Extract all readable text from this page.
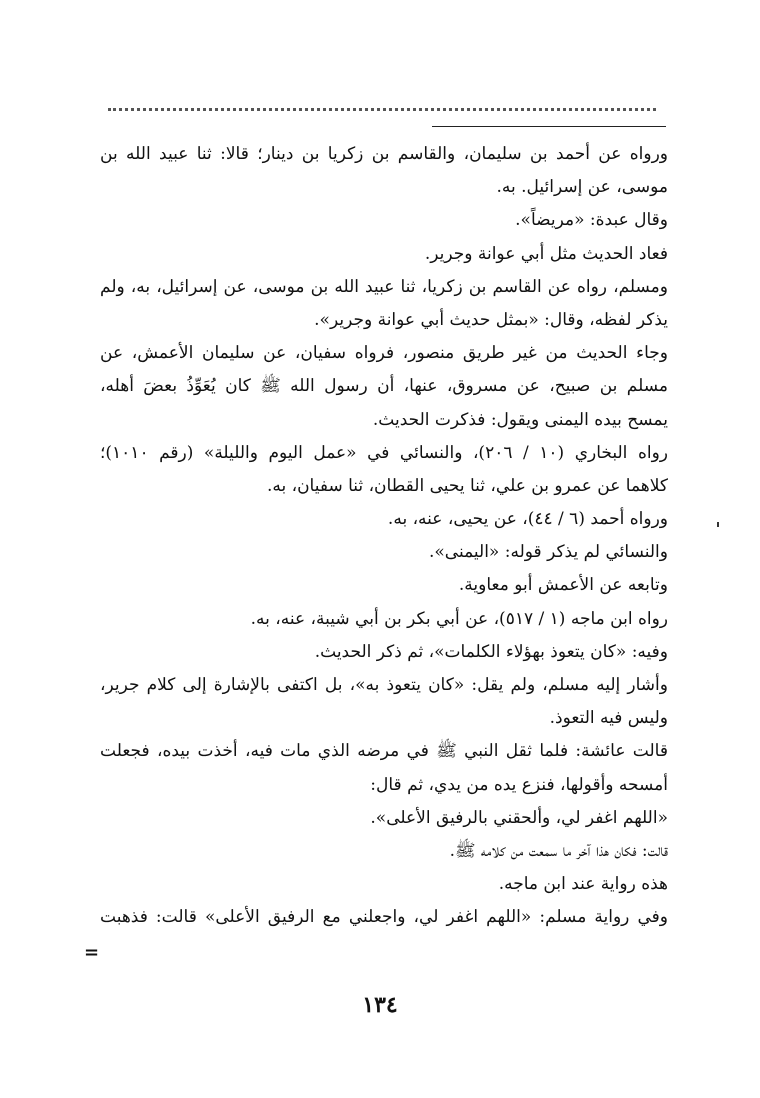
ورواه عن أحمد بن سليمان، والقاسم بن زكريا بن دينار؛ قالا: ثنا عبيد الله بن
موسى، عن إسرائيل. به.
وقال عبدة: «مريضاً».
فعاد الحديث مثل أبي عوانة وجرير.
ومسلم، رواه عن القاسم بن زكريا، ثنا عبيد الله بن موسى، عن إسرائيل، به، ولم
يذكر لفظه، وقال: «بمثل حديث أبي عوانة وجرير».
وجاء الحديث من غير طريق منصور، فرواه سفيان، عن سليمان الأعمش، عن
مسلم بن صبيح، عن مسروق، عنها، أن رسول الله ﷺ كان يُعَوِّذُ بعضَ أهله،
يمسح بيده اليمنى ويقول: فذكرت الحديث.
رواه البخاري (١٠ / ٢٠٦)، والنسائي في «عمل اليوم والليلة» (رقم ١٠١٠)؛
كلاهما عن عمرو بن علي، ثنا يحيى القطان، ثنا سفيان، به.
ورواه أحمد (٦ / ٤٤)، عن يحيى، عنه، به.
والنسائي لم يذكر قوله: «اليمنى».
وتابعه عن الأعمش أبو معاوية.
رواه ابن ماجه (١ / ٥١٧)، عن أبي بكر بن أبي شيبة، عنه، به.
وفيه: «كان يتعوذ بهؤلاء الكلمات»، ثم ذكر الحديث.
وأشار إليه مسلم، ولم يقل: «كان يتعوذ به»، بل اكتفى بالإشارة إلى كلام جرير،
وليس فيه التعوذ.
قالت عائشة: فلما ثقل النبي ﷺ في مرضه الذي مات فيه، أخذت بيده، فجعلت
أمسحه وأقولها، فنزع يده من يدي، ثم قال:
«اللهم اغفر لي، وألحقني بالرفيق الأعلى».
قالت: فكان هذا آخر ما سمعت من كلامه ﷺ.
هذه رواية عند ابن ماجه.
وفي رواية مسلم: «اللهم اغفر لي، واجعلني مع الرفيق الأعلى» قالت: فذهبت
=
١٣٤
